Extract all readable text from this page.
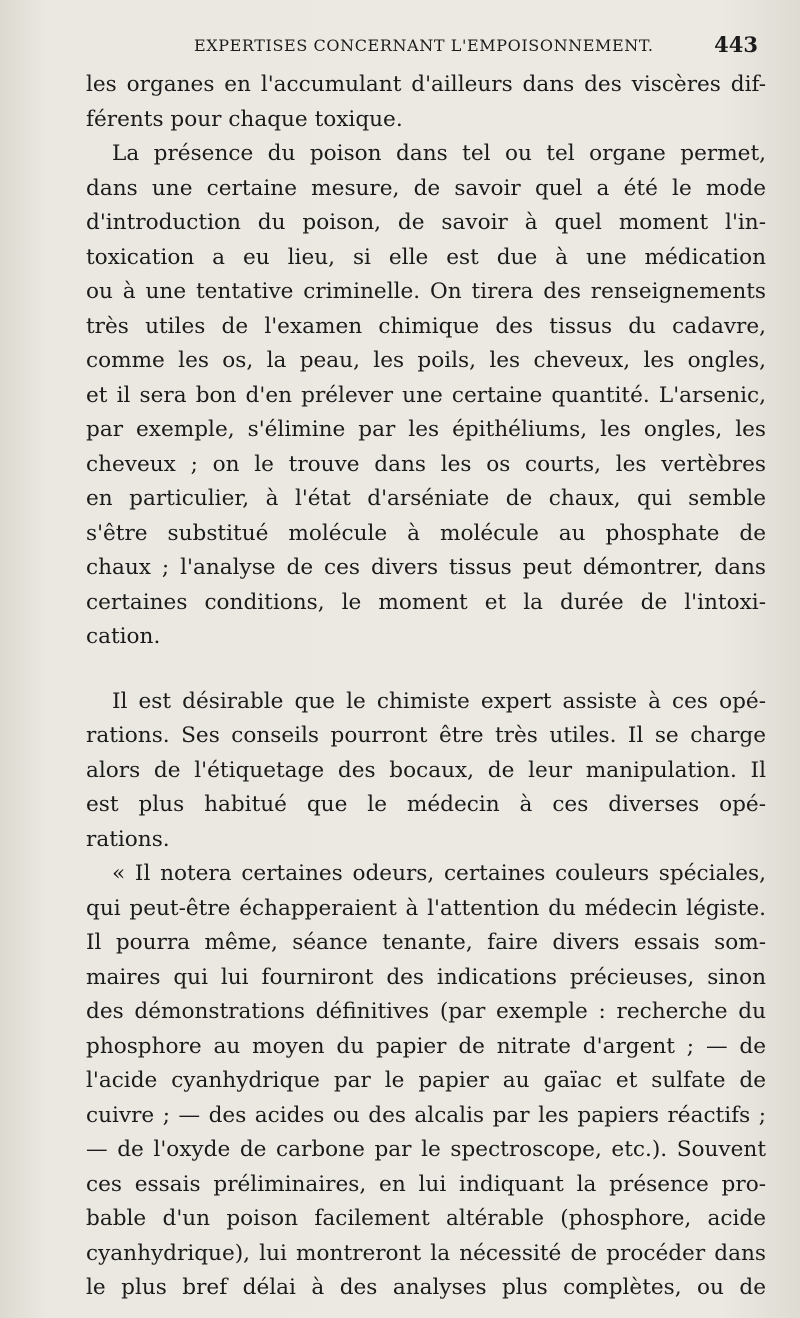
EXPERTISES CONCERNANT L'EMPOISONNEMENT.	443
les organes en l'accumulant d'ailleurs dans des viscères dif-
férents pour chaque toxique.
La présence du poison dans tel ou tel organe permet,
dans une certaine mesure, de savoir quel a été le mode
d'introduction du poison, de savoir à quel moment l'in-
toxication a eu lieu, si elle est due à une médication
ou à une tentative criminelle. On tirera des renseignements
très utiles de l'examen chimique des tissus du cadavre,
comme les os, la peau, les poils, les cheveux, les ongles,
et il sera bon d'en prélever une certaine quantité. L'arsenic,
par exemple, s'élimine par les épithéliums, les ongles, les
cheveux ; on le trouve dans les os courts, les vertèbres
en particulier, à l'état d'arséniate de chaux, qui semble
s'être substitué molécule à molécule au phosphate de
chaux ; l'analyse de ces divers tissus peut démontrer, dans
certaines conditions, le moment et la durée de l'intoxi-
cation.
Il est désirable que le chimiste expert assiste à ces opé-
rations. Ses conseils pourront être très utiles. Il se charge
alors de l'étiquetage des bocaux, de leur manipulation. Il
est plus habitué que le médecin à ces diverses opé-
rations.
« Il notera certaines odeurs, certaines couleurs spéciales,
qui peut-être échapperaient à l'attention du médecin légiste.
Il pourra même, séance tenante, faire divers essais som-
maires qui lui fourniront des indications précieuses, sinon
des démonstrations définitives (par exemple : recherche du
phosphore au moyen du papier de nitrate d'argent ; — de
l'acide cyanhydrique par le papier au gaïac et sulfate de
cuivre ; — des acides ou des alcalis par les papiers réactifs ;
— de l'oxyde de carbone par le spectroscope, etc.). Souvent
ces essais préliminaires, en lui indiquant la présence pro-
bable d'un poison facilement altérable (phosphore, acide
cyanhydrique), lui montreront la nécessité de procéder dans
le plus bref délai à des analyses plus complètes, ou de
